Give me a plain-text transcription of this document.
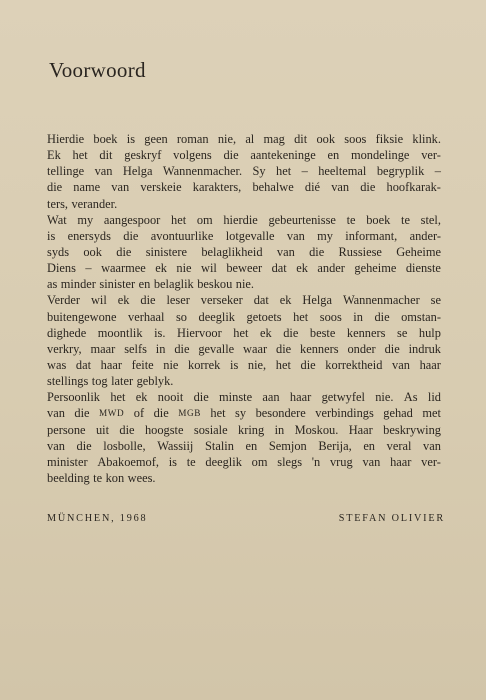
Voorwoord
Hierdie boek is geen roman nie, al mag dit ook soos fiksie klink.
Ek het dit geskryf volgens die aantekeninge en mondelinge ver-
tellinge van Helga Wannenmacher. Sy het – heeltemal begryplik –
die name van verskeie karakters, behalwe dié van die hoofkarak-
ters, verander.
Wat my aangespoor het om hierdie gebeurtenisse te boek te stel,
is enersyds die avontuurlike lotgevalle van my informant, ander-
syds ook die sinistere belaglikheid van die Russiese Geheime
Diens – waarmee ek nie wil beweer dat ek ander geheime dienste
as minder sinister en belaglik beskou nie.
Verder wil ek die leser verseker dat ek Helga Wannenmacher se
buitengewone verhaal so deeglik getoets het soos in die omstan-
dighede moontlik is. Hiervoor het ek die beste kenners se hulp
verkry, maar selfs in die gevalle waar die kenners onder die indruk
was dat haar feite nie korrek is nie, het die korrektheid van haar
stellings tog later geblyk.
Persoonlik het ek nooit die minste aan haar getwyfel nie. As lid
van die MWD of die MGB het sy besondere verbindings gehad met
persone uit die hoogste sosiale kring in Moskou. Haar beskrywing
van die losbolle, Wassiij Stalin en Semjon Berija, en veral van
minister Abakoemof, is te deeglik om slegs 'n vrug van haar ver-
beelding te kon wees.
MÜNCHEN, 1968	STEFAN OLIVIER
